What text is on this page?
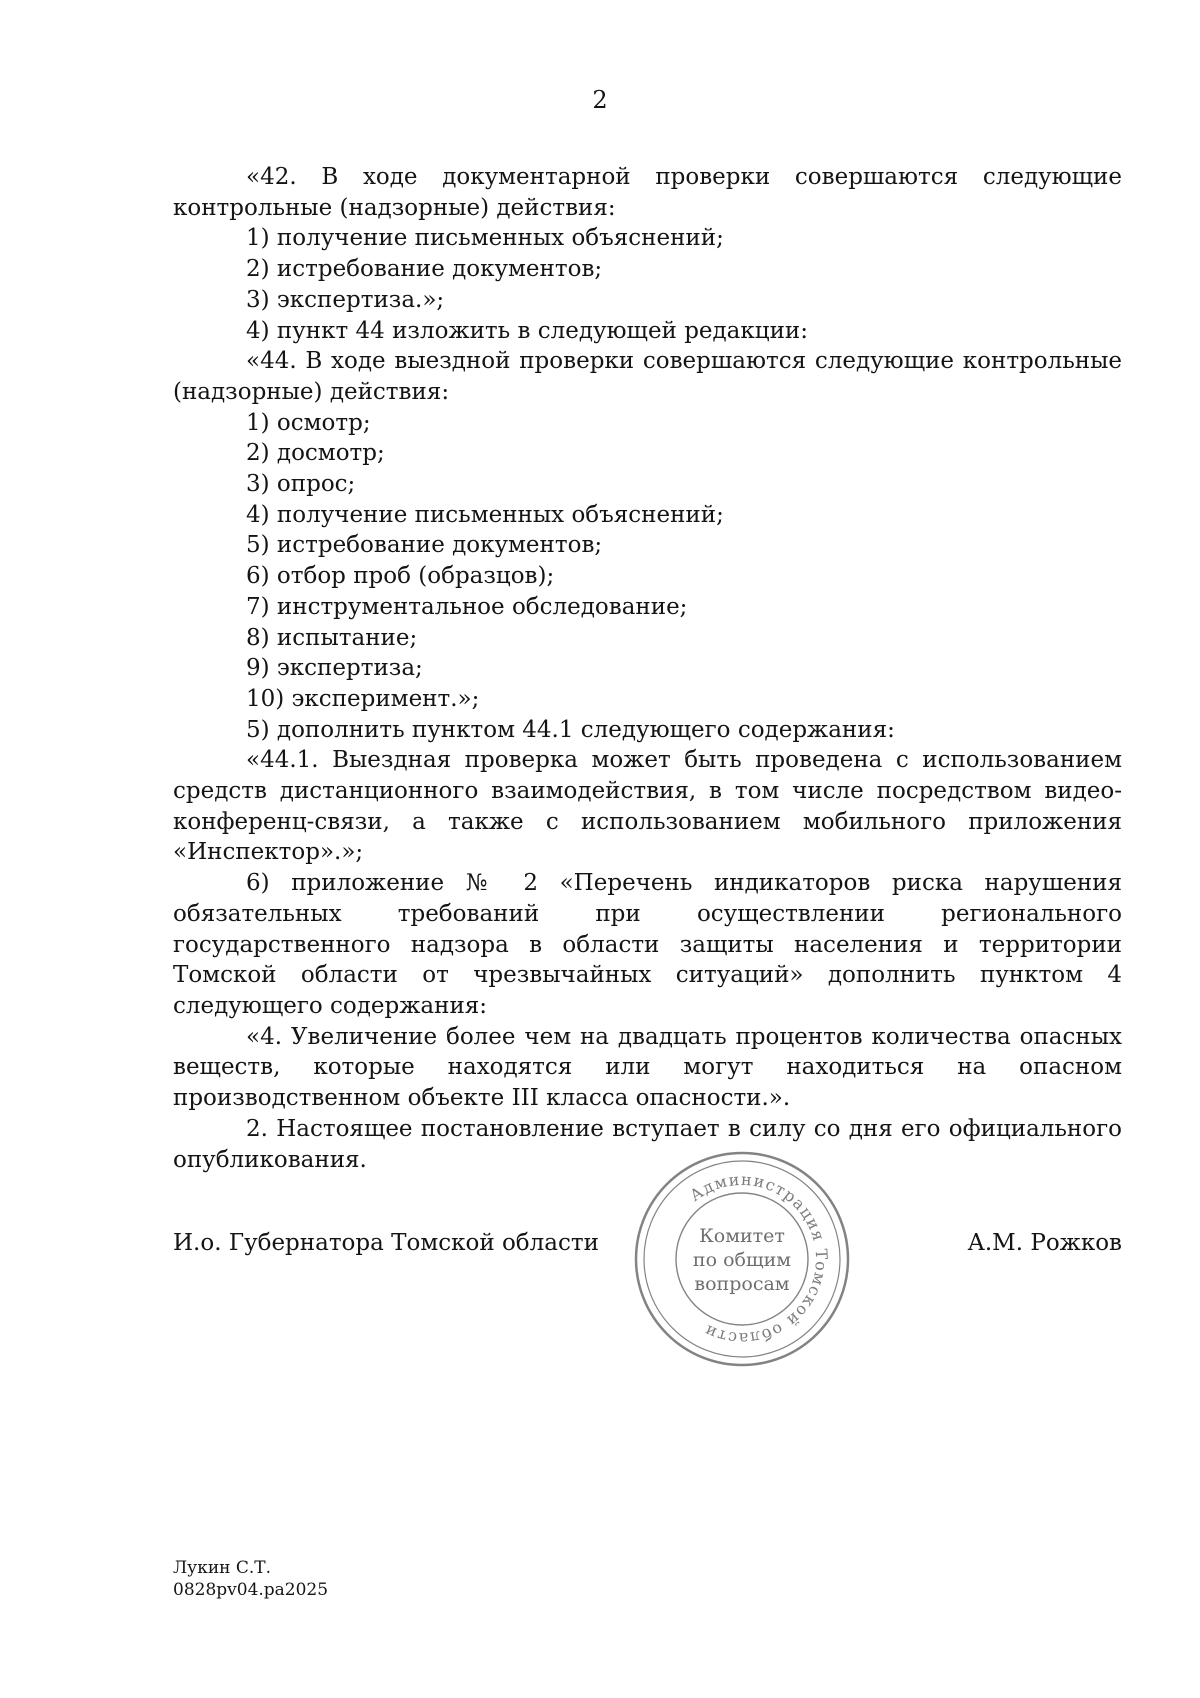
2

«42. В ходе документарной проверки совершаются следующие контрольные (надзорные) действия:

1) получение письменных объяснений;

2) истребование документов;

3) экспертиза.»;

4) пункт 44 изложить в следующей редакции:

«44. В ходе выездной проверки совершаются следующие контрольные (надзорные) действия:

1) осмотр;

2) досмотр;

3) опрос;

4) получение письменных объяснений;

5) истребование документов;

6) отбор проб (образцов);

7) инструментальное обследование;

8) испытание;

9) экспертиза;

10) эксперимент.»;

5) дополнить пунктом 44.1 следующего содержания:

«44.1. Выездная проверка может быть проведена с использованием средств дистанционного взаимодействия, в том числе посредством видео-конференц-связи, а также с использованием мобильного приложения «Инспектор».»;

6) приложение № 2 «Перечень индикаторов риска нарушения обязательных требований при осуществлении регионального государственного надзора в области защиты населения и территории Томской области от чрезвычайных ситуаций» дополнить пунктом 4 следующего содержания:

«4. Увеличение более чем на двадцать процентов количества опасных веществ, которые находятся или могут находиться на опасном производственном объекте III класса опасности.».

2. Настоящее постановление вступает в силу со дня его официального опубликования.

И.о. Губернатора Томской области
Администрация Томской области
Комитет
по общим
вопросам
А.М. Рожков
Лукин С.Т.
0828pv04.pa2025
